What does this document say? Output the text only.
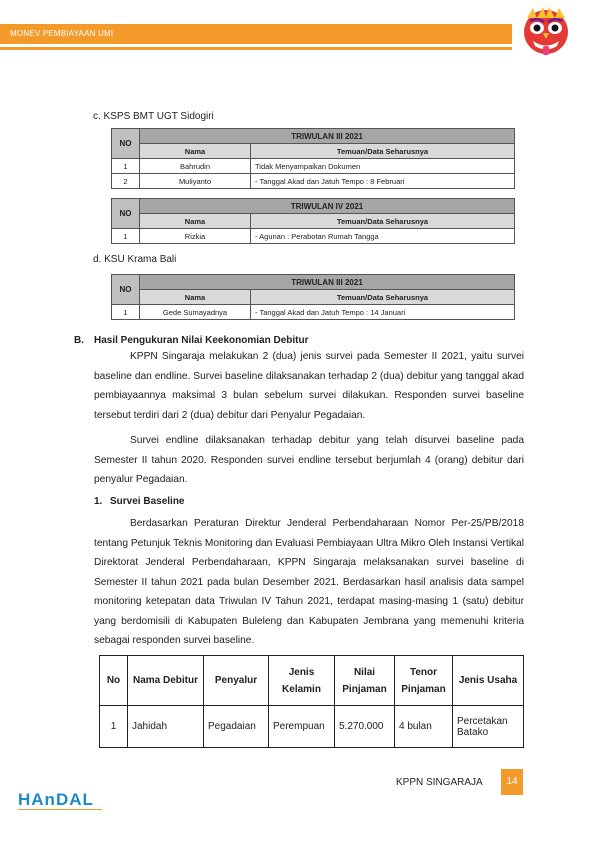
MONEV PEMBIAYAAN UMI
c. KSPS BMT UGT Sidogiri
NO	TRIWULAN III 2021	
	Nama	Temuan/Data Seharusnya
1	Bahrudin	Tidak Menyampaikan Dokumen
2	Muliyanto	- Tanggal Akad dan Jatuh Tempo : 8 Februari
NO	TRIWULAN IV 2021	
	Nama	Temuan/Data Seharusnya
1	Rizkia	- Agunan : Perabotan Rumah Tangga
d. KSU Krama Bali
NO	TRIWULAN III 2021	
	Nama	Temuan/Data Seharusnya
1	Gede Sumayadnya	- Tanggal Akad dan Jatuh Tempo : 14 Januari
B. Hasil Pengukuran Nilai Keekonomian Debitur
KPPN Singaraja melakukan 2 (dua) jenis survei pada Semester II 2021, yaitu survei baseline dan endline. Survei baseline dilaksanakan terhadap 2 (dua) debitur yang tanggal akad pembiayaannya maksimal 3 bulan sebelum survei dilakukan. Responden survei baseline tersebut terdiri dari 2 (dua) debitur dari Penyalur Pegadaian.
Survei endline dilaksanakan terhadap debitur yang telah disurvei baseline pada Semester II tahun 2020. Responden survei endline tersebut berjumlah 4 (orang) debitur dari penyalur Pegadaian.
1. Survei Baseline
Berdasarkan Peraturan Direktur Jenderal Perbendaharaan Nomor Per-25/PB/2018 tentang Petunjuk Teknis Monitoring dan Evaluasi Pembiayaan Ultra Mikro Oleh Instansi Vertikal Direktorat Jenderal Perbendaharaan, KPPN Singaraja melaksanakan survei baseline di Semester II tahun 2021 pada bulan Desember 2021. Berdasarkan hasil analisis data sampel monitoring ketepatan data Triwulan IV Tahun 2021, terdapat masing-masing 1 (satu) debitur yang berdomisili di Kabupaten Buleleng dan Kabupaten Jembrana yang memenuhi kriteria sebagai responden survei baseline.
No	Nama Debitur	Penyalur	Jenis Kelamin	Nilai Pinjaman	Tenor Pinjaman	Jenis Usaha
1	Jahidah	Pegadaian	Perempuan	5.270.000	4 bulan	Percetakan Batako
KPPN SINGARAJA	14
HAnDAL
